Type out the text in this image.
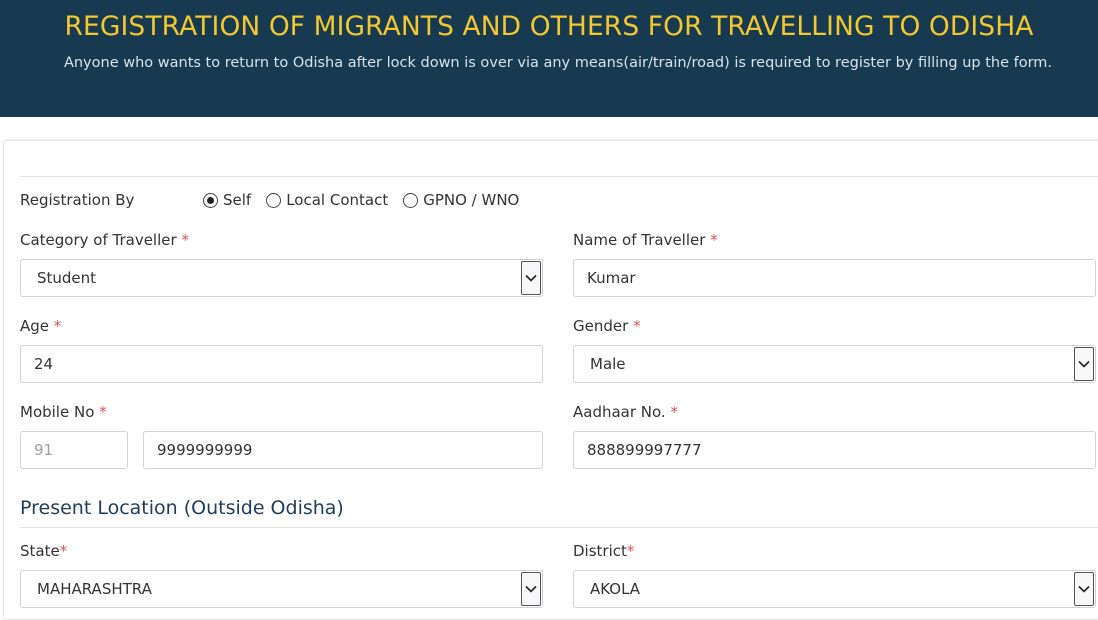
REGISTRATION OF MIGRANTS AND OTHERS FOR TRAVELLING TO ODISHA

Anyone who wants to return to Odisha after lock down is over via any means(air/train/road) is required to register by filling up the form.

Registration By	Self Local Contact GPNO / WNO
Category of Traveller *
Student
Name of Traveller *
Kumar
Age *
24
Gender *
Male
Mobile No *
91	9999999999
Aadhaar No. *
888899997777
Present Location (Outside Odisha)
State*
MAHARASHTRA
District*
AKOLA
